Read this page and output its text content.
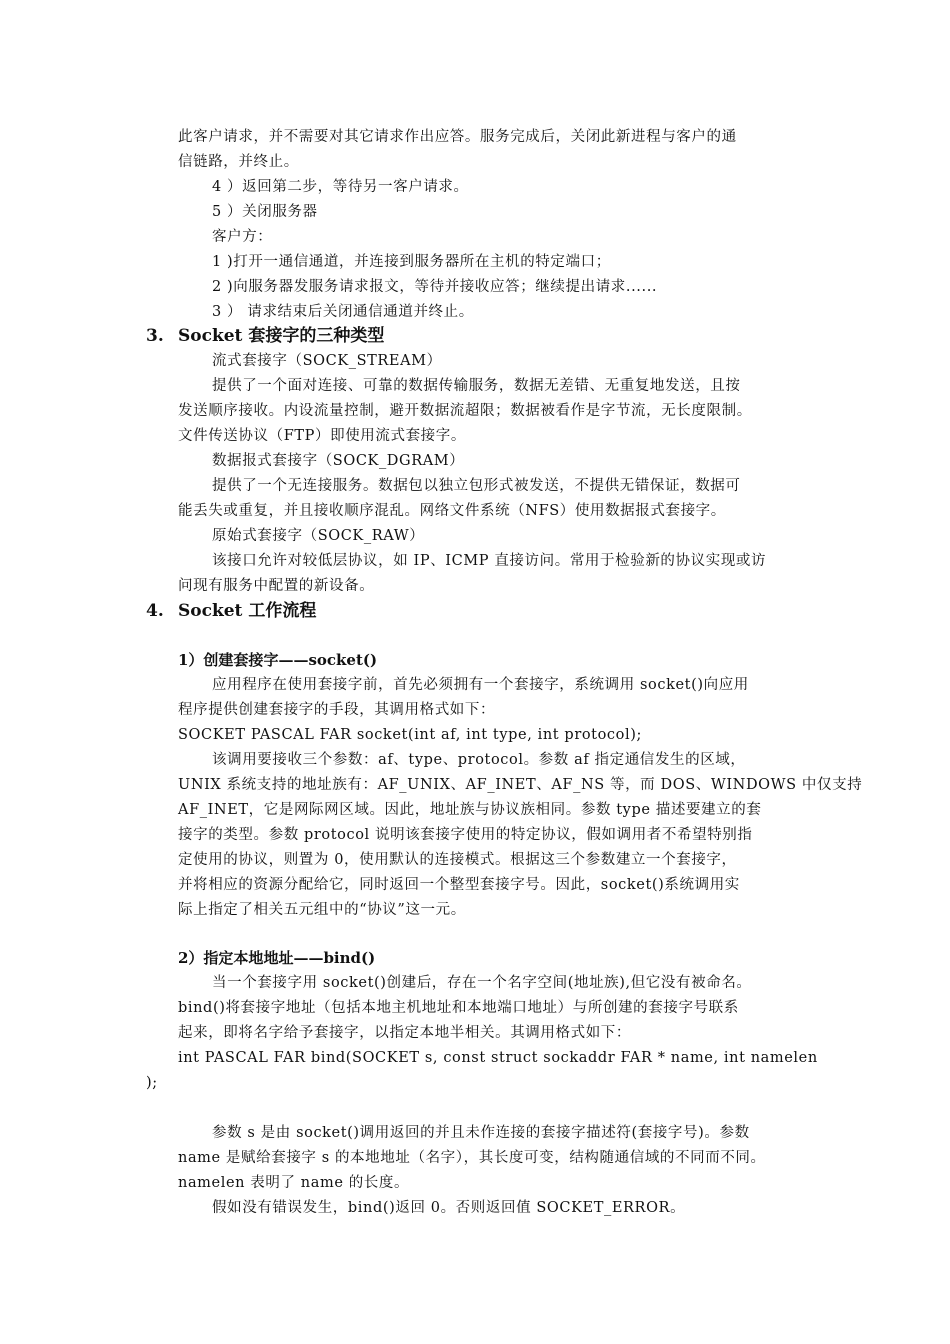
此客户请求，并不需要对其它请求作出应答。服务完成后，关闭此新进程与客户的通
信链路，并终止。
4 ）返回第二步，等待另一客户请求。
5 ）关闭服务器
客户方：
1 )打开一通信通道，并连接到服务器所在主机的特定端口；
2 )向服务器发服务请求报文，等待并接收应答；继续提出请求......
3 ） 请求结束后关闭通信通道并终止。
3. Socket 套接字的三种类型
流式套接字（SOCK_STREAM）
提供了一个面对连接、可靠的数据传输服务，数据无差错、无重复地发送，且按
发送顺序接收。内设流量控制，避开数据流超限；数据被看作是字节流，无长度限制。
文件传送协议（FTP）即使用流式套接字。
数据报式套接字（SOCK_DGRAM）
提供了一个无连接服务。数据包以独立包形式被发送，不提供无错保证，数据可
能丢失或重复，并且接收顺序混乱。网络文件系统（NFS）使用数据报式套接字。
原始式套接字（SOCK_RAW）
该接口允许对较低层协议，如 IP、ICMP 直接访问。常用于检验新的协议实现或访
问现有服务中配置的新设备。
4. Socket 工作流程
1）创建套接字——socket()
应用程序在使用套接字前，首先必须拥有一个套接字，系统调用 socket()向应用
程序提供创建套接字的手段，其调用格式如下：
SOCKET PASCAL FAR socket(int af, int type, int protocol);
该调用要接收三个参数：af、type、protocol。参数 af 指定通信发生的区域，
UNIX 系统支持的地址族有：AF_UNIX、AF_INET、AF_NS 等，而 DOS、WINDOWS 中仅支持
AF_INET，它是网际网区域。因此，地址族与协议族相同。参数 type 描述要建立的套
接字的类型。参数 protocol 说明该套接字使用的特定协议，假如调用者不希望特别指
定使用的协议，则置为 0，使用默认的连接模式。根据这三个参数建立一个套接字，
并将相应的资源分配给它，同时返回一个整型套接字号。因此，socket()系统调用实
际上指定了相关五元组中的“协议”这一元。
2）指定本地地址——bind()
当一个套接字用 socket()创建后，存在一个名字空间(地址族),但它没有被命名。
bind()将套接字地址（包括本地主机地址和本地端口地址）与所创建的套接字号联系
起来，即将名字给予套接字，以指定本地半相关。其调用格式如下：
int PASCAL FAR bind(SOCKET s, const struct sockaddr FAR * name, int namelen
);
参数 s 是由 socket()调用返回的并且未作连接的套接字描述符(套接字号)。参数
name 是赋给套接字 s 的本地地址（名字），其长度可变，结构随通信域的不同而不同。
namelen 表明了 name 的长度。
假如没有错误发生，bind()返回 0。否则返回值 SOCKET_ERROR。
